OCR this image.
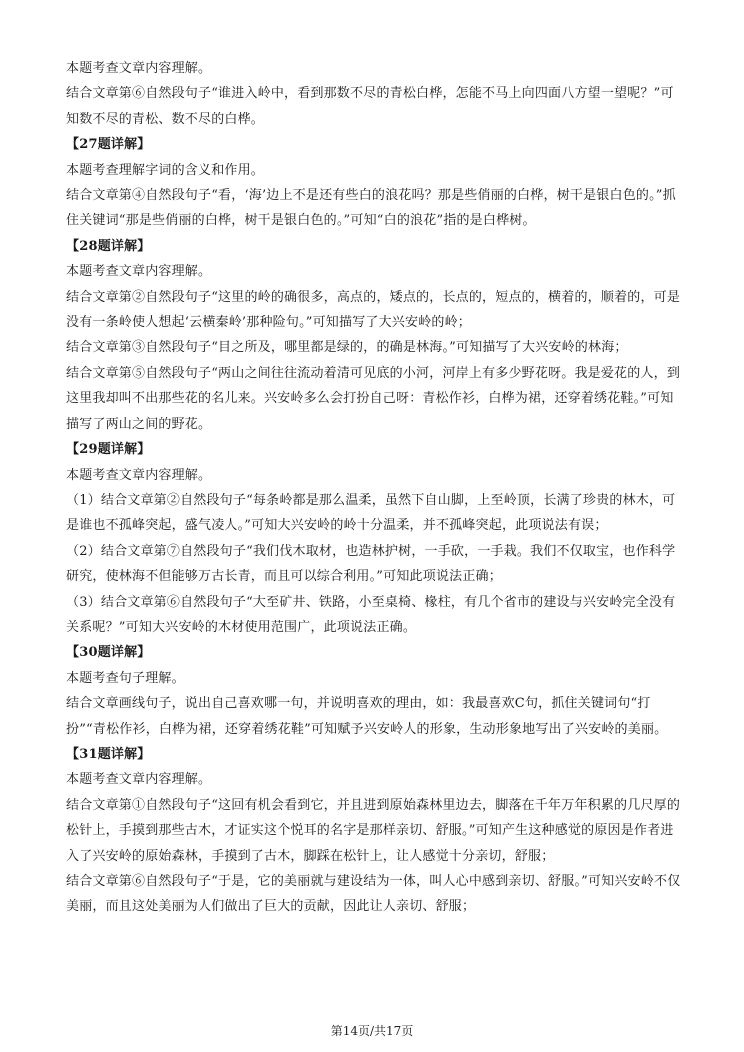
本题考查文章内容理解。

结合文章第⑥自然段句子“谁进入岭中，看到那数不尽的青松白桦，怎能不马上向四面八方望一望呢？”可知数不尽的青松、数不尽的白桦。

【27题详解】

本题考查理解字词的含义和作用。

结合文章第④自然段句子“看，‘海’边上不是还有些白的浪花吗？那是些俏丽的白桦，树干是银白色的。”抓住关键词“那是些俏丽的白桦，树干是银白色的。”可知“白的浪花”指的是白桦树。

【28题详解】

本题考查文章内容理解。

结合文章第②自然段句子“这里的岭的确很多，高点的，矮点的，长点的，短点的，横着的，顺着的，可是没有一条岭使人想起‘云横秦岭’那种险句。”可知描写了大兴安岭的岭；

结合文章第③自然段句子“目之所及，哪里都是绿的，的确是林海。”可知描写了大兴安岭的林海；

结合文章第⑤自然段句子“两山之间往往流动着清可见底的小河，河岸上有多少野花呀。我是爱花的人，到这里我却叫不出那些花的名儿来。兴安岭多么会打扮自己呀：青松作衫，白桦为裙，还穿着绣花鞋。”可知描写了两山之间的野花。

【29题详解】

本题考查文章内容理解。

（1）结合文章第②自然段句子“每条岭都是那么温柔，虽然下自山脚，上至岭顶，长满了珍贵的林木，可是谁也不孤峰突起，盛气凌人。”可知大兴安岭的岭十分温柔，并不孤峰突起，此项说法有误；

（2）结合文章第⑦自然段句子“我们伐木取材，也造林护树，一手砍，一手栽。我们不仅取宝，也作科学研究，使林海不但能够万古长青，而且可以综合利用。”可知此项说法正确；

（3）结合文章第⑥自然段句子“大至矿井、铁路，小至桌椅、椽柱，有几个省市的建设与兴安岭完全没有关系呢？”可知大兴安岭的木材使用范围广，此项说法正确。

【30题详解】

本题考查句子理解。

结合文章画线句子，说出自己喜欢哪一句，并说明喜欢的理由，如：我最喜欢C句，抓住关键词句“打扮”“青松作衫，白桦为裙，还穿着绣花鞋”可知赋予兴安岭人的形象，生动形象地写出了兴安岭的美丽。

【31题详解】

本题考查文章内容理解。

结合文章第①自然段句子“这回有机会看到它，并且进到原始森林里边去，脚落在千年万年积累的几尺厚的松针上，手摸到那些古木，才证实这个悦耳的名字是那样亲切、舒服。”可知产生这种感觉的原因是作者进入了兴安岭的原始森林，手摸到了古木，脚踩在松针上，让人感觉十分亲切，舒服；

结合文章第⑥自然段句子“于是，它的美丽就与建设结为一体，叫人心中感到亲切、舒服。”可知兴安岭不仅美丽，而且这处美丽为人们做出了巨大的贡献，因此让人亲切、舒服；

第14页/共17页
